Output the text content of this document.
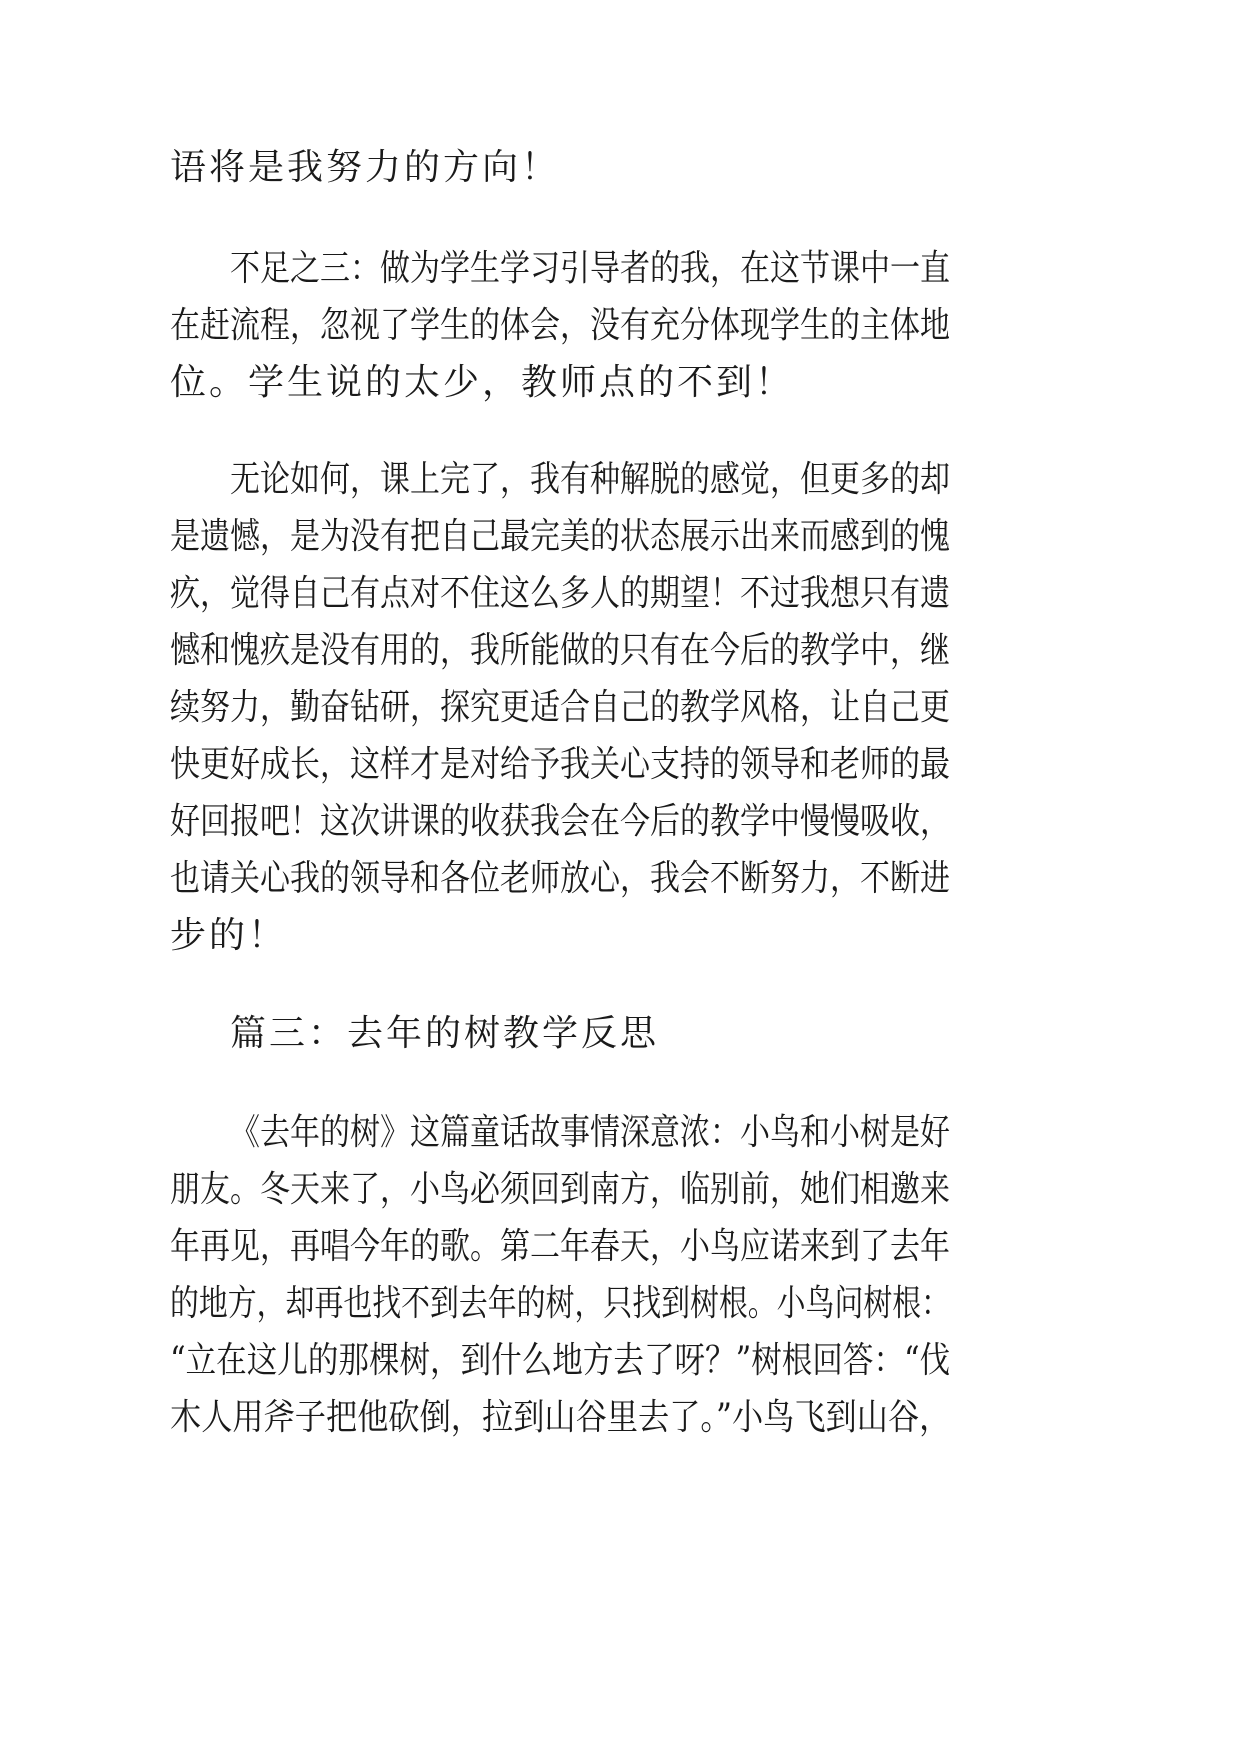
语将是我努力的方向！
不足之三：做为学生学习引导者的我，在这节课中一直
在赶流程，忽视了学生的体会，没有充分体现学生的主体地
位。学生说的太少，教师点的不到！
无论如何，课上完了，我有种解脱的感觉，但更多的却
是遗憾，是为没有把自己最完美的状态展示出来而感到的愧
疚，觉得自己有点对不住这么多人的期望！不过我想只有遗
憾和愧疚是没有用的，我所能做的只有在今后的教学中，继
续努力，勤奋钻研，探究更适合自己的教学风格，让自己更
快更好成长，这样才是对给予我关心支持的领导和老师的最
好回报吧！这次讲课的收获我会在今后的教学中慢慢吸收，
也请关心我的领导和各位老师放心，我会不断努力，不断进
步的！
篇三：去年的树教学反思
《去年的树》这篇童话故事情深意浓：小鸟和小树是好
朋友。冬天来了，小鸟必须回到南方，临别前，她们相邀来
年再见，再唱今年的歌。第二年春天，小鸟应诺来到了去年
的地方，却再也找不到去年的树，只找到树根。小鸟问树根：
“立在这儿的那棵树，到什么地方去了呀？”树根回答：“伐
木人用斧子把他砍倒，拉到山谷里去了。”小鸟飞到山谷，
